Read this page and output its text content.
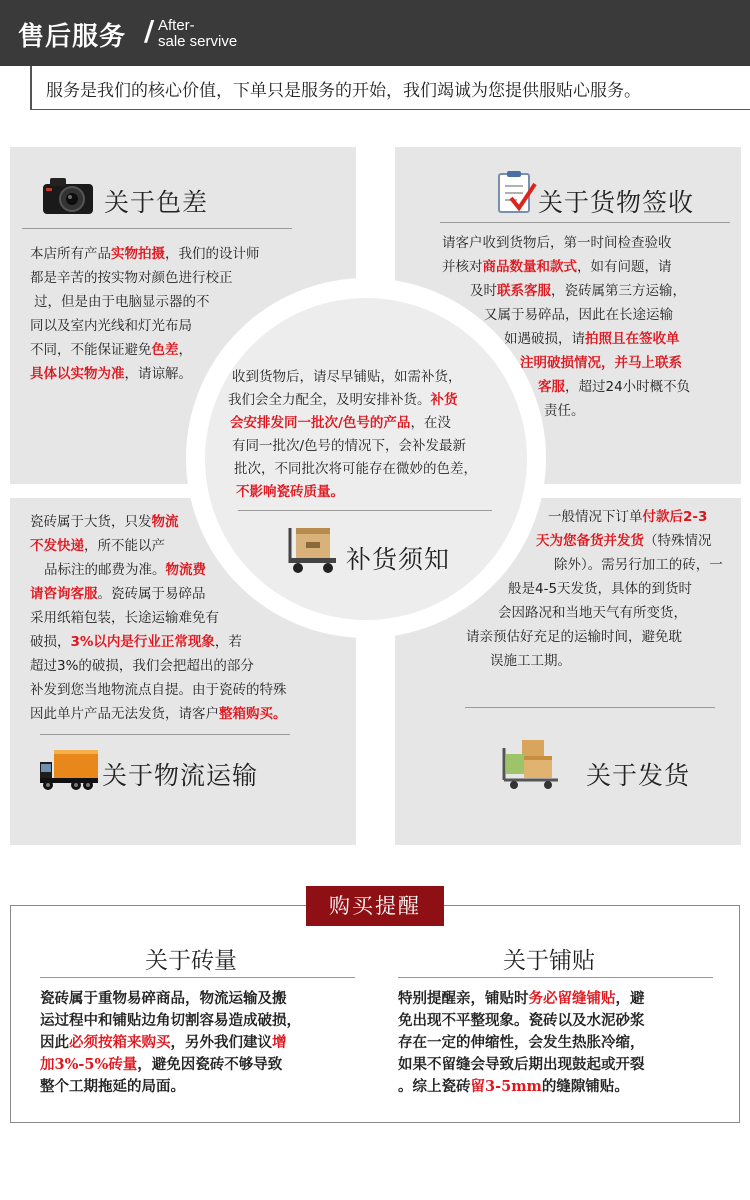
售后服务 / After-
sale servive
服务是我们的核心价值，下单只是服务的开始，我们竭诚为您提供服贴心服务。
关于色差
本店所有产品实物拍摄，我们的设计师
都是辛苦的按实物对颜色进行校正
过，但是由于电脑显示器的不
同以及室内光线和灯光布局
不同，不能保证避免色差，
具体以实物为准，请谅解。
关于货物签收
请客户收到货物后，第一时间检查验收
并核对商品数量和款式，如有问题，请
及时联系客服，瓷砖属第三方运输，
又属于易碎品，因此在长途运输
如遇破损，请拍照且在签收单
注明破损情况，并马上联系
客服，超过24小时概不负
责任。
瓷砖属于大货，只发物流
不发快递，所不能以产
品标注的邮费为准。物流费
请咨询客服。瓷砖属于易碎品
采用纸箱包装，长途运输难免有
破损，3%以内是行业正常现象，若
超过3%的破损，我们会把超出的部分
补发到您当地物流点自提。由于瓷砖的特殊
因此单片产品无法发货，请客户整箱购买。
关于物流运输
一般情况下订单付款后2-3
天为您备货并发货（特殊情况
除外）。需另行加工的砖，一
般是4-5天发货，具体的到货时
会因路况和当地天气有所变货，
请亲预估好充足的运输时间，避免耽
误施工工期。
关于发货
收到货物后，请尽早铺贴，如需补货，
我们会全力配全，及明安排补货。补货
会安排发同一批次/色号的产品，在没
有同一批次/色号的情况下，会补发最新
批次，不同批次将可能存在微妙的色差，
不影响瓷砖质量。
补货须知
购买提醒
关于砖量
瓷砖属于重物易碎商品，物流运输及搬
运过程中和铺贴边角切割容易造成破损，
因此必须按箱来购买，另外我们建议增
加3%-5%砖量，避免因瓷砖不够导致
整个工期拖延的局面。
关于铺贴
特别提醒亲，铺贴时务必留缝铺贴，避
免出现不平整现象。瓷砖以及水泥砂浆
存在一定的伸缩性，会发生热胀冷缩，
如果不留缝会导致后期出现鼓起或开裂
。综上瓷砖留3-5mm的缝隙铺贴。
